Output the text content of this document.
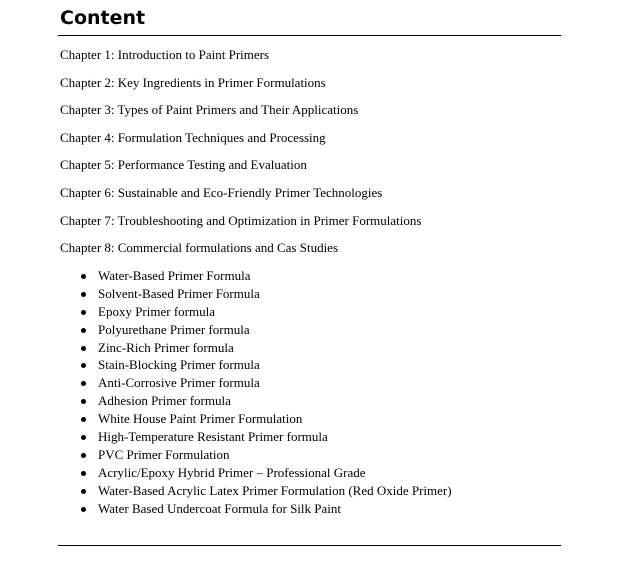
Content
Chapter 1: Introduction to Paint Primers
Chapter 2: Key Ingredients in Primer Formulations
Chapter 3: Types of Paint Primers and Their Applications
Chapter 4: Formulation Techniques and Processing
Chapter 5: Performance Testing and Evaluation
Chapter 6: Sustainable and Eco-Friendly Primer Technologies
Chapter 7: Troubleshooting and Optimization in Primer Formulations
Chapter 8: Commercial formulations and Cas Studies
Water-Based Primer Formula
Solvent-Based Primer Formula
Epoxy Primer formula
Polyurethane Primer formula
Zinc-Rich Primer formula
Stain-Blocking Primer formula
Anti-Corrosive Primer formula
Adhesion Primer formula
White House Paint Primer Formulation
High-Temperature Resistant Primer formula
PVC Primer Formulation
Acrylic/Epoxy Hybrid Primer – Professional Grade
Water-Based Acrylic Latex Primer Formulation (Red Oxide Primer)
Water Based Undercoat Formula for Silk Paint
